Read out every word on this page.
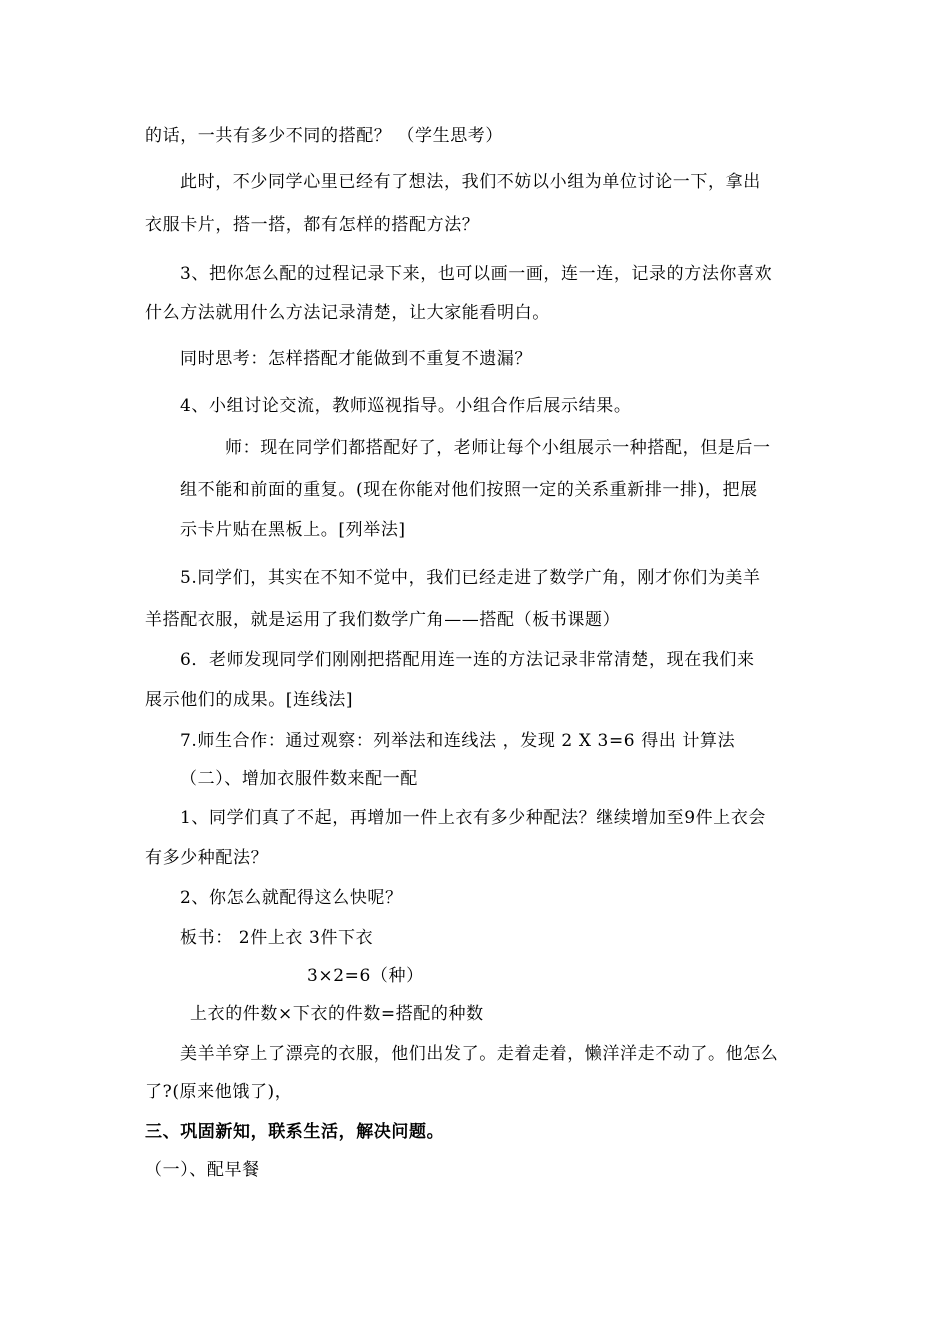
的话，一共有多少不同的搭配？ （学生思考）
此时，不少同学心里已经有了想法，我们不妨以小组为单位讨论一下，拿出
衣服卡片，搭一搭，都有怎样的搭配方法？
3、把你怎么配的过程记录下来，也可以画一画，连一连，记录的方法你喜欢
什么方法就用什么方法记录清楚，让大家能看明白。
同时思考：怎样搭配才能做到不重复不遗漏？
4、小组讨论交流，教师巡视指导。小组合作后展示结果。
师：现在同学们都搭配好了，老师让每个小组展示一种搭配，但是后一
组不能和前面的重复。(现在你能对他们按照一定的关系重新排一排)，把展
示卡片贴在黑板上。[列举法]
5.同学们，其实在不知不觉中，我们已经走进了数学广角，刚才你们为美羊
羊搭配衣服，就是运用了我们数学广角——搭配（板书课题）
6．老师发现同学们刚刚把搭配用连一连的方法记录非常清楚，现在我们来
展示他们的成果。[连线法]
7.师生合作：通过观察：列举法和连线法 ，发现 2 X 3=6 得出 计算法
（二）、增加衣服件数来配一配
1、同学们真了不起，再增加一件上衣有多少种配法？继续增加至9件上衣会
有多少种配法？
2、你怎么就配得这么快呢？
板书： 2件上衣 3件下衣
3×2=6（种）
上衣的件数×下衣的件数=搭配的种数
美羊羊穿上了漂亮的衣服，他们出发了。走着走着，懒洋洋走不动了。他怎么
了?(原来他饿了)，
三、巩固新知，联系生活，解决问题。
（一）、配早餐
